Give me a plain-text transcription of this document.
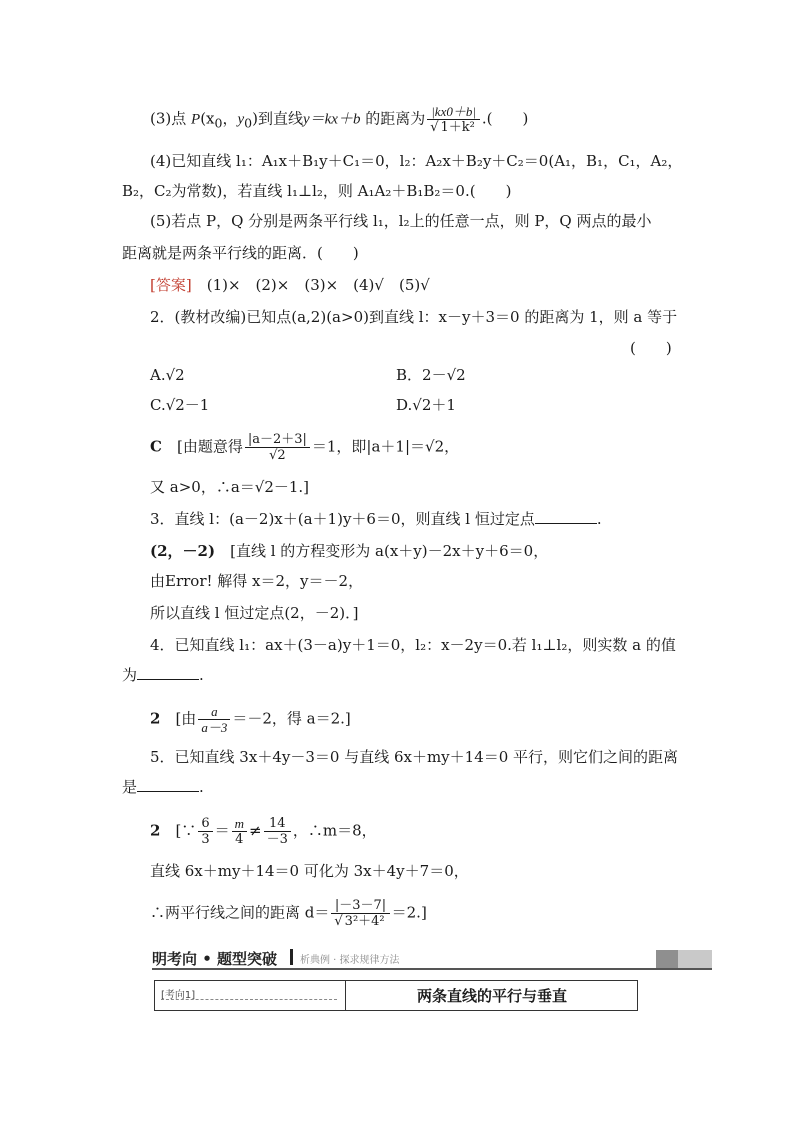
(3)点 $P(x_0$，$y_0$)到直线y＝kx＋b 的距离为 $\frac{|kx0+b|}{\text{√ 1＋k²}}$ .(　　)
(4)已知直线 l₁：A₁x＋B₁y＋C₁＝0，l₂：A₂x＋B₂y＋C₂＝0(A₁，B₁，C₁，A₂，
B₂，C₂为常数)，若直线 l₁⊥l₂，则 A₁A₂＋B₁B₂＝0.(　　)
(5)若点 P，Q 分别是两条平行线 l₁，l₂上的任意一点，则 P，Q 两点的最小
距离就是两条平行线的距离．(　　)
[答案]　(1)×　(2)×　(3)×　(4)√　(5)√
2．(教材改编)已知点(a,2)(a>0)到直线 l：x－y＋3＝0 的距离为 1，则 a 等于
(　　)
A.√2	B．2－√2
C.√2－1	D.√2＋1
C　 [由题意得 $\frac{|a-2+3|}{√2} =1$，即|a＋1|＝√2，
又 a>0，∴a＝√2－1.]
3．直线 l：(a－2)x＋(a＋1)y＋6＝0，则直线 l 恒过定点	.
(2，－2)　 [直线 l 的方程变形为 a(x＋y)－2x＋y＋6＝0，
由Error! 解得 x＝2，y＝－2，
所以直线 l 恒过定点(2，－2)．]
4．已知直线 l₁：ax＋(3－a)y＋1＝0，l₂：x－2y＝0.若 l₁⊥l₂，则实数 a 的值
为	.
2　 [由 $\frac{a}{a-3} =-2$，得 a＝2.]
5．已知直线 3x＋4y－3＝0 与直线 6x＋my＋14＝0 平行，则它们之间的距离
是	.
2　 [∵ $\frac{6}{3} = \frac{m}{4} \ne \frac{14}{-3}$ ，∴m＝8，
直线 6x＋my＋14＝0 可化为 3x＋4y＋7＝0，
∴两平行线之间的距离 $d= \frac{|-3-7|}{\text{√ 3²＋4²}} =2$.]
明考向 • 题型突破 析典例 · 探求规律方法
[考向1]	两条直线的平行与垂直
